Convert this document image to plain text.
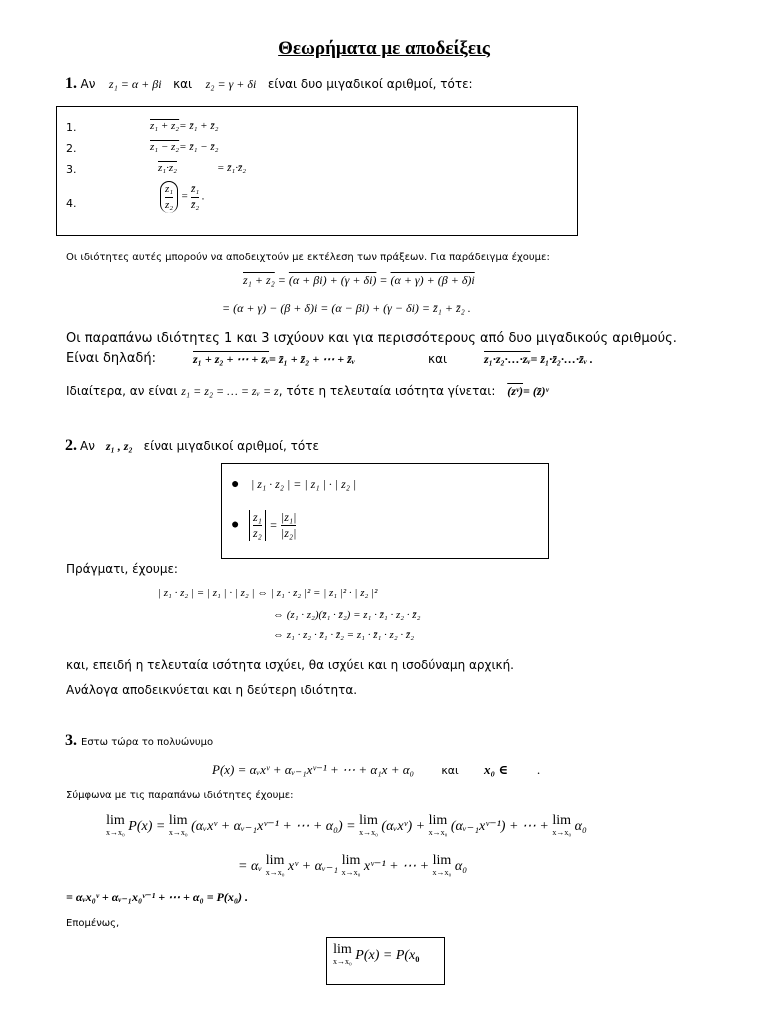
Θεωρήματα με αποδείξεις
1. Αν z₁ = α + βi και z₂ = γ + δi είναι δυο μιγαδικοί αριθμοί, τότε:
1.	z₁ + z₂= z̄₁ + z̄₂
2.	z₁ − z₂= z̄₁ − z̄₂
3.	z₁·z₂	= z̄₁·z̄₂
4.	$\frac{\text{z₁}}{\text{z₂}} = \frac{\text{z̄₁}}{\text{z̄₂}}$ .
Οι ιδιότητες αυτές μπορούν να αποδειχτούν με εκτέλεση των πράξεων. Για παράδειγμα έχουμε:
z₁ + z₂ = (α + βi) + (γ + δi) = (α + γ) + (β + δ)i
= (α + γ) − (β + δ)i = (α − βi) + (γ − δi) = z̄₁ + z̄₂ .
Οι παραπάνω ιδιότητες 1 και 3 ισχύουν και για περισσότερους από δυο μιγαδικούς αριθμούς.
Είναι δηλαδή:	z₁ + z₂ + ⋯ + zᵥ= z̄₁ + z̄₂ + ⋯ + z̄ᵥ	και	z₁·z₂·…·zᵥ= z̄₁·z̄₂·…·z̄ᵥ .
Ιδιαίτερα, αν είναι z₁ = z₂ = … = zᵥ = z, τότε η τελευταία ισότητα γίνεται: (zᵛ)= (z̄)ᵛ
2. Αν z₁ , z₂ είναι μιγαδικοί αριθμοί, τότε
● | z₁ · z₂ | = | z₁ | · | z₂ |
● $\frac{\text{z₁}}{\text{z₂}} = \frac{\text{|z₁|}}{\text{|z₂|}}$
Πράγματι, έχουμε:
| z₁ · z₂ | = | z₁ | · | z₂ | ⇔ | z₁ · z₂ |² = | z₁ |² · | z₂ |²
⇔ (z₁ · z₂)(z̄₁ · z̄₂) = z₁ · z̄₁ · z₂ · z̄₂
⇔ z₁ · z₂ · z̄₁ · z̄₂ = z₁ · z̄₁ · z₂ · z̄₂
και, επειδή η τελευταία ισότητα ισχύει, θα ισχύει και η ισοδύναμη αρχική.
Ανάλογα αποδεικνύεται και η δεύτερη ιδιότητα.
3. Εστω τώρα το πολυώνυμο
P(x) = αᵥxᵛ + αᵥ₋₁xᵛ⁻¹ + ⋯ + α₁x + α₀ και x₀ ∈ .
Σύμφωνα με τις παραπάνω ιδιότητες έχουμε:
lim
x→x₀ P(x) = lim
x→x₀ (αᵥxᵛ + αᵥ₋₁xᵛ⁻¹ + ⋯ + α₀) = lim
x→x₀ (αᵥxᵛ) + lim
x→x₀ (αᵥ₋₁xᵛ⁻¹) + ⋯ + lim
x→x₀ α₀
= αᵥ lim
x→x₀ xᵛ + αᵥ₋₁ lim
x→x₀ xᵛ⁻¹ + ⋯ + lim
x→x₀ α₀
= αᵥx₀ᵛ + αᵥ₋₁x₀ᵛ⁻¹ + ⋯ + α₀ = P(x₀) .
Επομένως,
lim
x→x₀ P(x) = P(x₀
